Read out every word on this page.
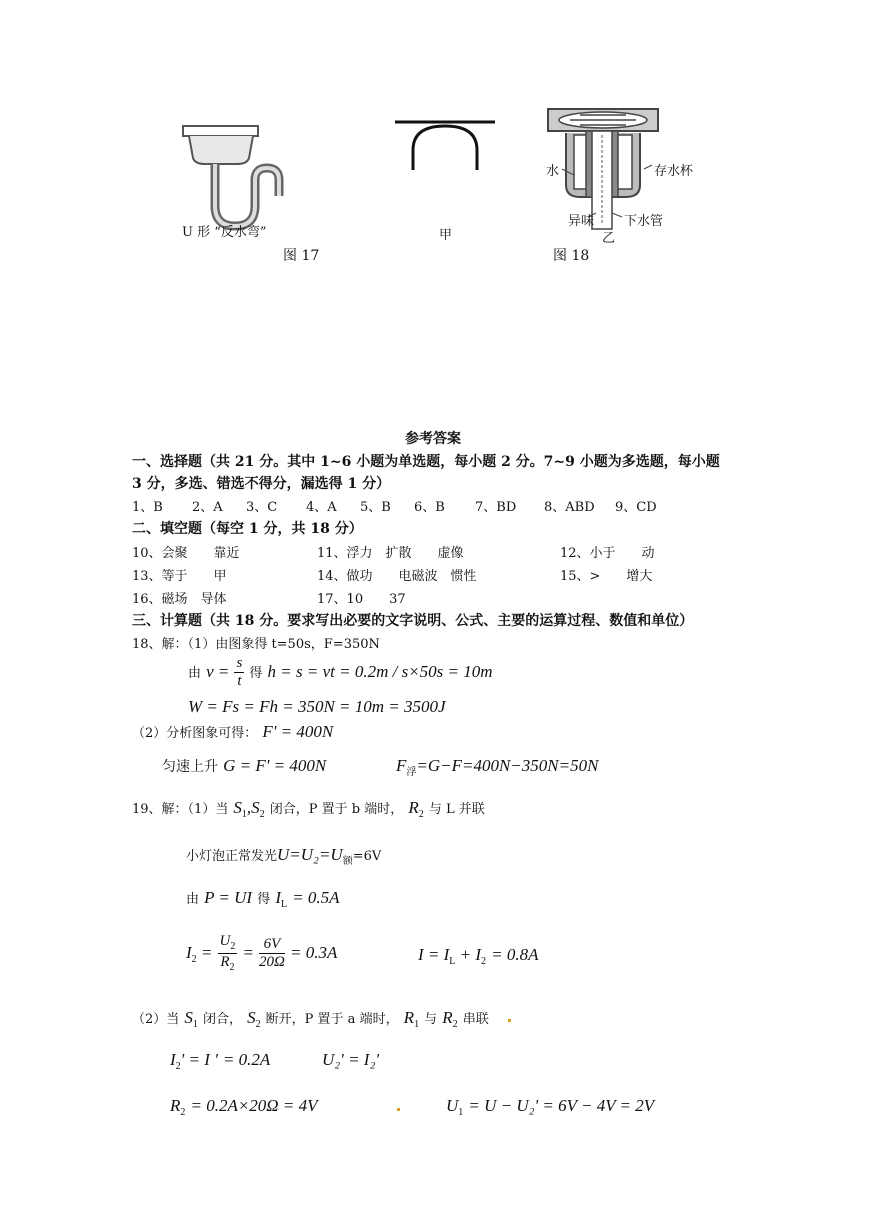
U 形 “反水弯”
图 17
甲
水	存水杯
异味 下水管
乙
图 18
参考答案
一、选择题（共 21 分。其中 1~6 小题为单选题，每小题 2 分。7~9 小题为多选题，每小题
3 分，多选、错选不得分，漏选得 1 分）
1、B 2、A 3、C 4、A 5、B 6、B 7、BD 8、ABD 9、CD
二、填空题（每空 1 分，共 18 分）
10、会聚　　靠近	11、浮力　扩散　　虚像	12、小于　　动
13、等于　　甲	14、做功　　电磁波　惯性	15、>　　增大
16、磁场　导体	17、10　　37
三、计算题（共 18 分。要求写出必要的文字说明、公式、主要的运算过程、数值和单位）
18、解：（1）由图象得 t=50s，F=350N
由 $v = \frac{s}{t}$ 得 h = s = vt = 0.2m / s×50s = 10m
W = Fs = Fh = 350N = 10m = 3500J
（2）分析图象可得： F' = 400N
匀速上升 G = F' = 400N	$F_浮=G-F=400N-350N=50N$
19、解：（1）当 $S_1,S_2$ 闭合，P 置于 b 端时， $R_2$ 与 L 并联
小灯泡正常发光$U=U_2=U_额=6V$
由 P = UI 得 $I_L = 0.5A$
$I_2 = \frac{U_2}{R_2} = \frac{6V}{20\Omega} = 0.3A$	$I = I_L + I_2 = 0.8A$
（2）当 $S_1$ 闭合， $S_2$ 断开，P 置于 a 端时， $R_1$ 与 $R_2$ 串联
$I_2' = I$ ' = 0.2A	U₂' = I₂'
$R_2 = 0.2A\times 20\Omega = 4V$	$U_1 = U - U_2' = 6V - 4V = 2V$
